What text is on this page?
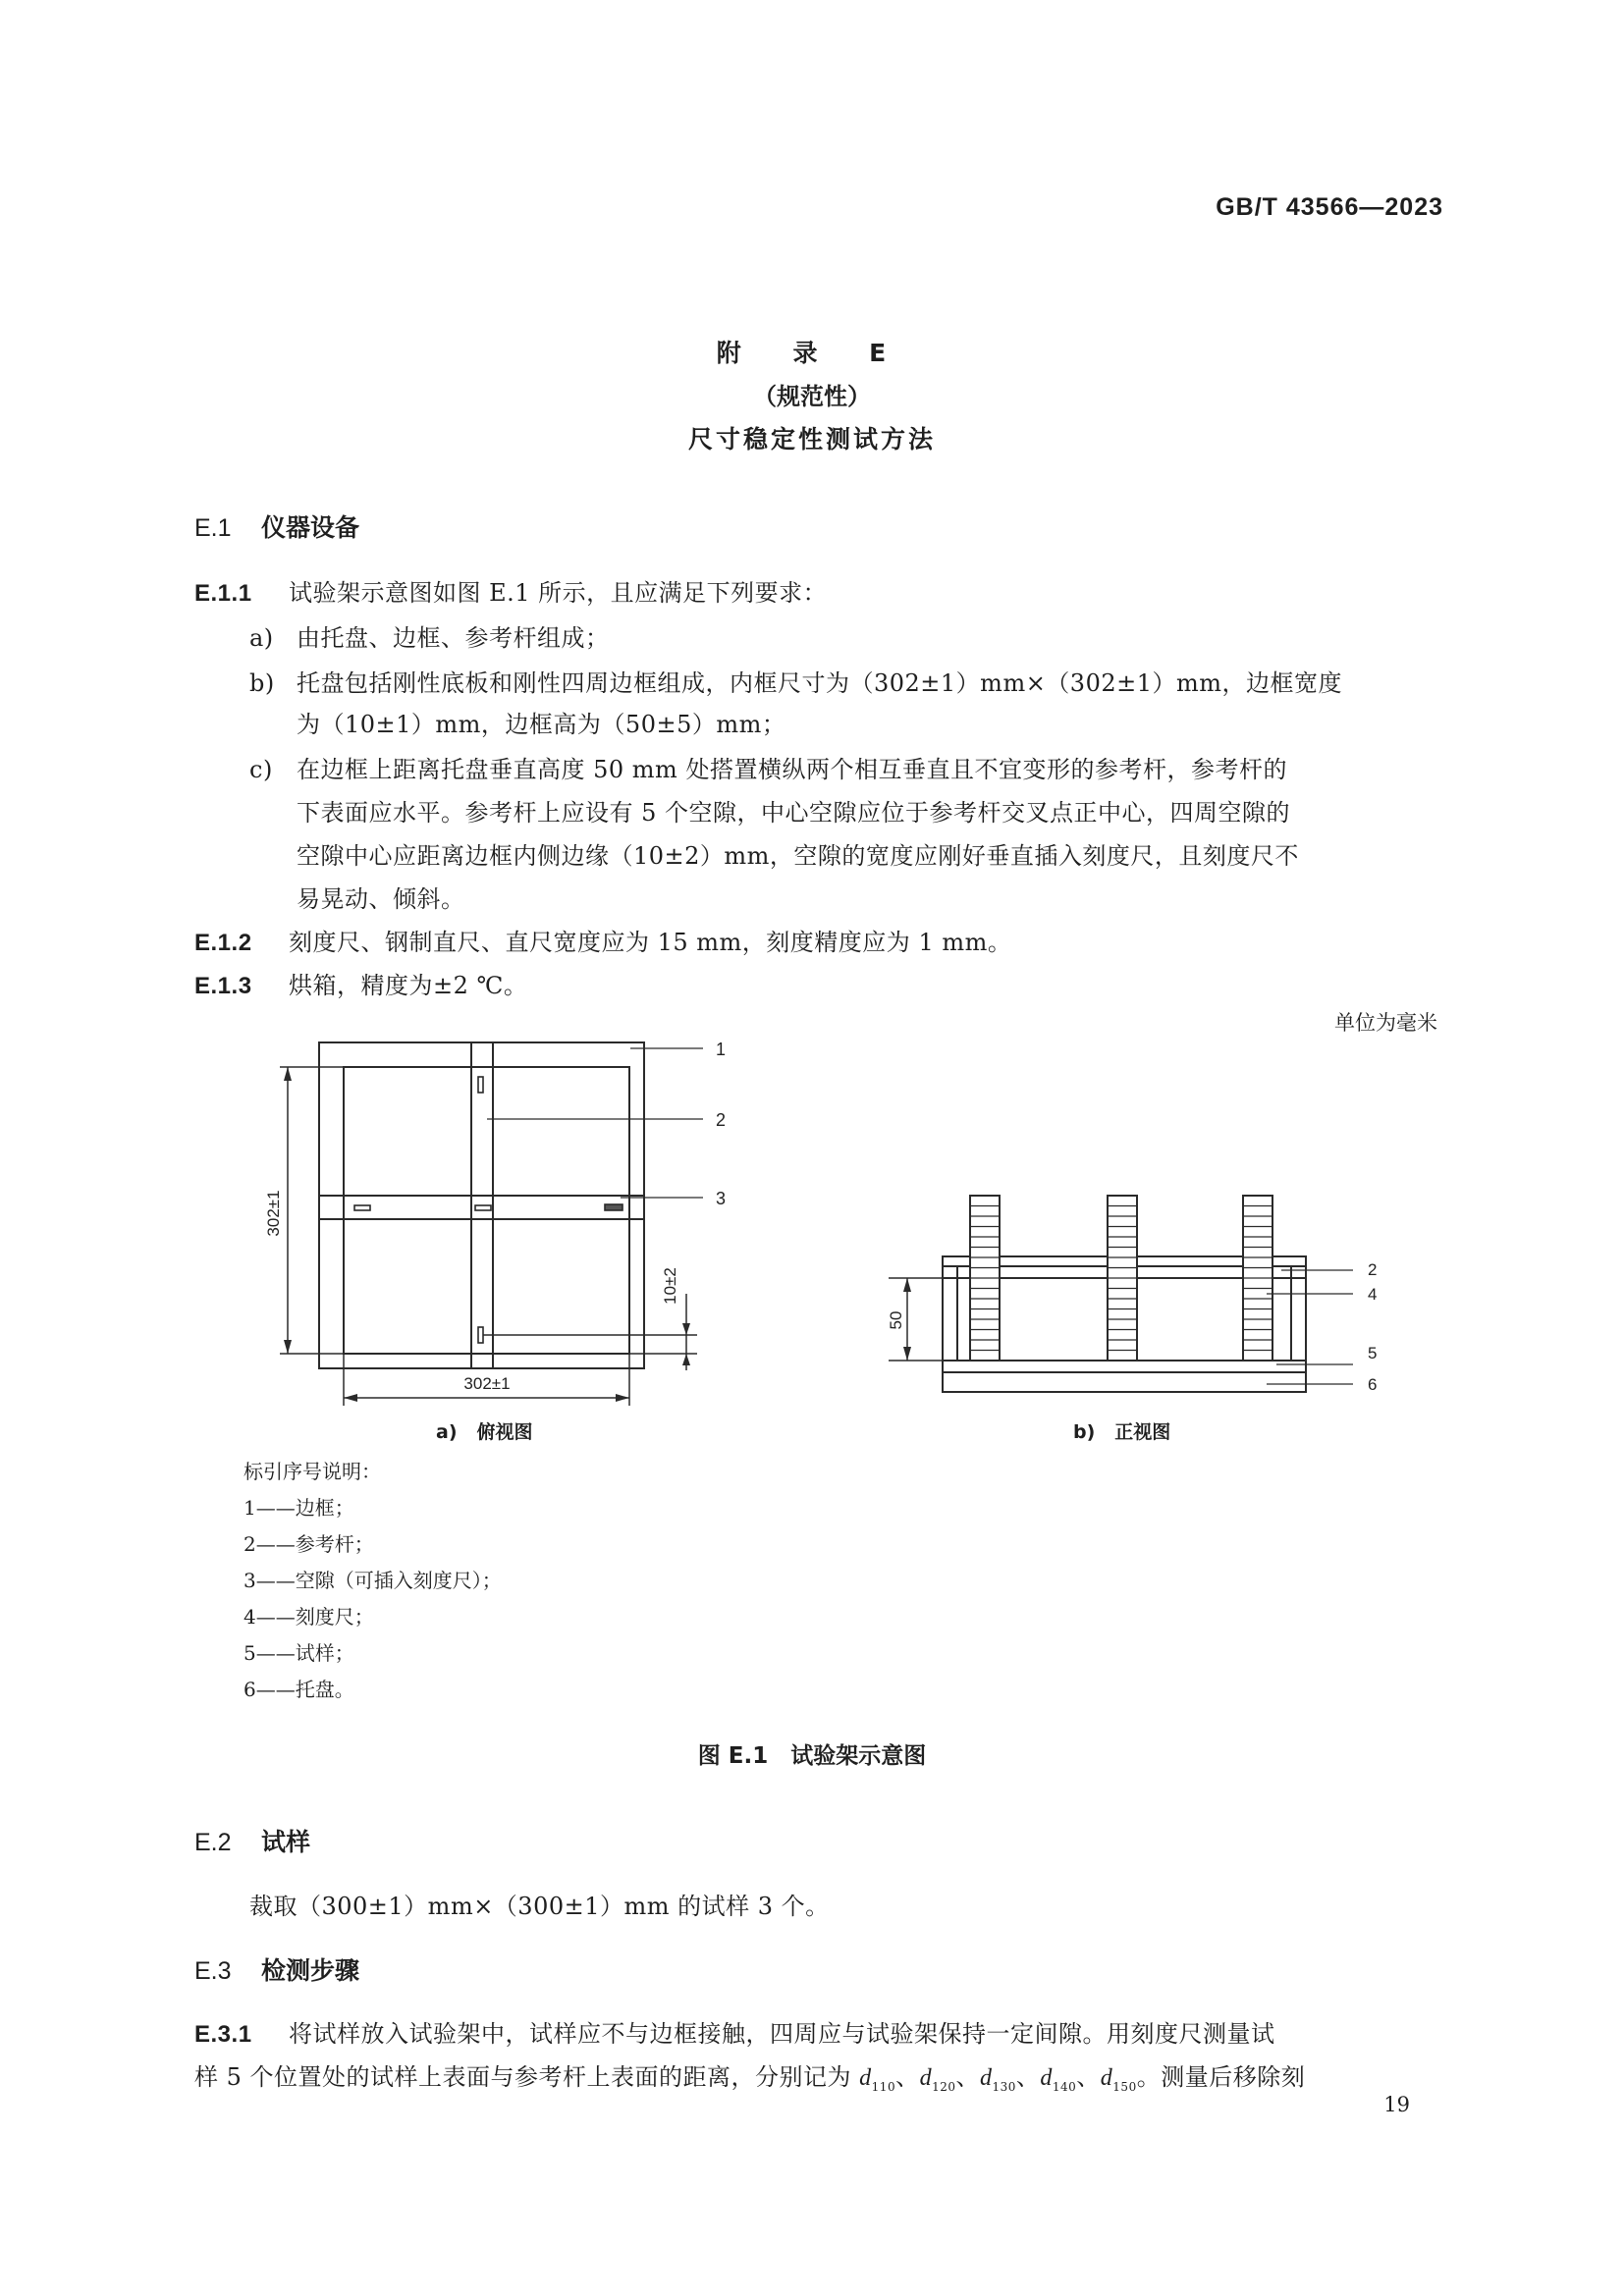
GB/T 43566—2023
附 录 E
（规范性）
尺寸稳定性测试方法
E.1 仪器设备
E.1.1 试验架示意图如图 E.1 所示，且应满足下列要求：
a) 由托盘、边框、参考杆组成；
b) 托盘包括刚性底板和刚性四周边框组成，内框尺寸为（302±1）mm×（302±1）mm，边框宽度
为（10±1）mm，边框高为（50±5）mm；
c) 在边框上距离托盘垂直高度 50 mm 处搭置横纵两个相互垂直且不宜变形的参考杆，参考杆的
下表面应水平。参考杆上应设有 5 个空隙，中心空隙应位于参考杆交叉点正中心，四周空隙的
空隙中心应距离边框内侧边缘（10±2）mm，空隙的宽度应刚好垂直插入刻度尺，且刻度尺不
易晃动、倾斜。
E.1.2 刻度尺、钢制直尺、直尺宽度应为 15 mm，刻度精度应为 1 mm。
E.1.3 烘箱，精度为±2 ℃。
单位为毫米
302±1
302±1
10±2
1
2
3
50
2
4
5
6
a) 俯视图	b) 正视图
标引序号说明：
1——边框；
2——参考杆；
3——空隙（可插入刻度尺）；
4——刻度尺；
5——试样；
6——托盘。
图 E.1　试验架示意图
E.2 试样
裁取（300±1）mm×（300±1）mm 的试样 3 个。
E.3 检测步骤
E.3.1 将试样放入试验架中，试样应不与边框接触，四周应与试验架保持一定间隙。用刻度尺测量试
样 5 个位置处的试样上表面与参考杆上表面的距离，分别记为 $d_{110}$、$d_{120}$、$d_{130}$、$d_{140}$、$d_{150}$。测量后移除刻
19
